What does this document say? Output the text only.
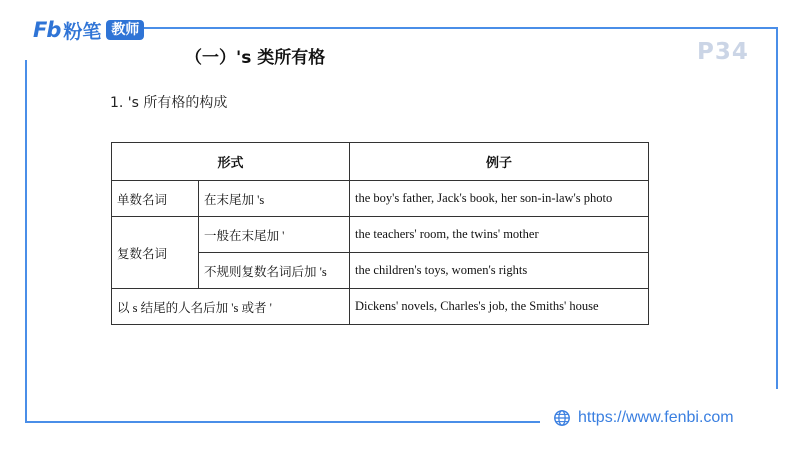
Fb 粉笔 教师
（一）'s 类所有格	P34
1. 's 所有格的构成
形式		例子
单数名词	在末尾加 's	the boy's father, Jack's book, her son-in-law's photo
复数名词	一般在末尾加 '	the teachers' room, the twins' mother
	不规则复数名词后加 's	the children's toys, women's rights
以 s 结尾的人名后加 's 或者 '		Dickens' novels, Charles's job, the Smiths' house
https://www.fenbi.com
